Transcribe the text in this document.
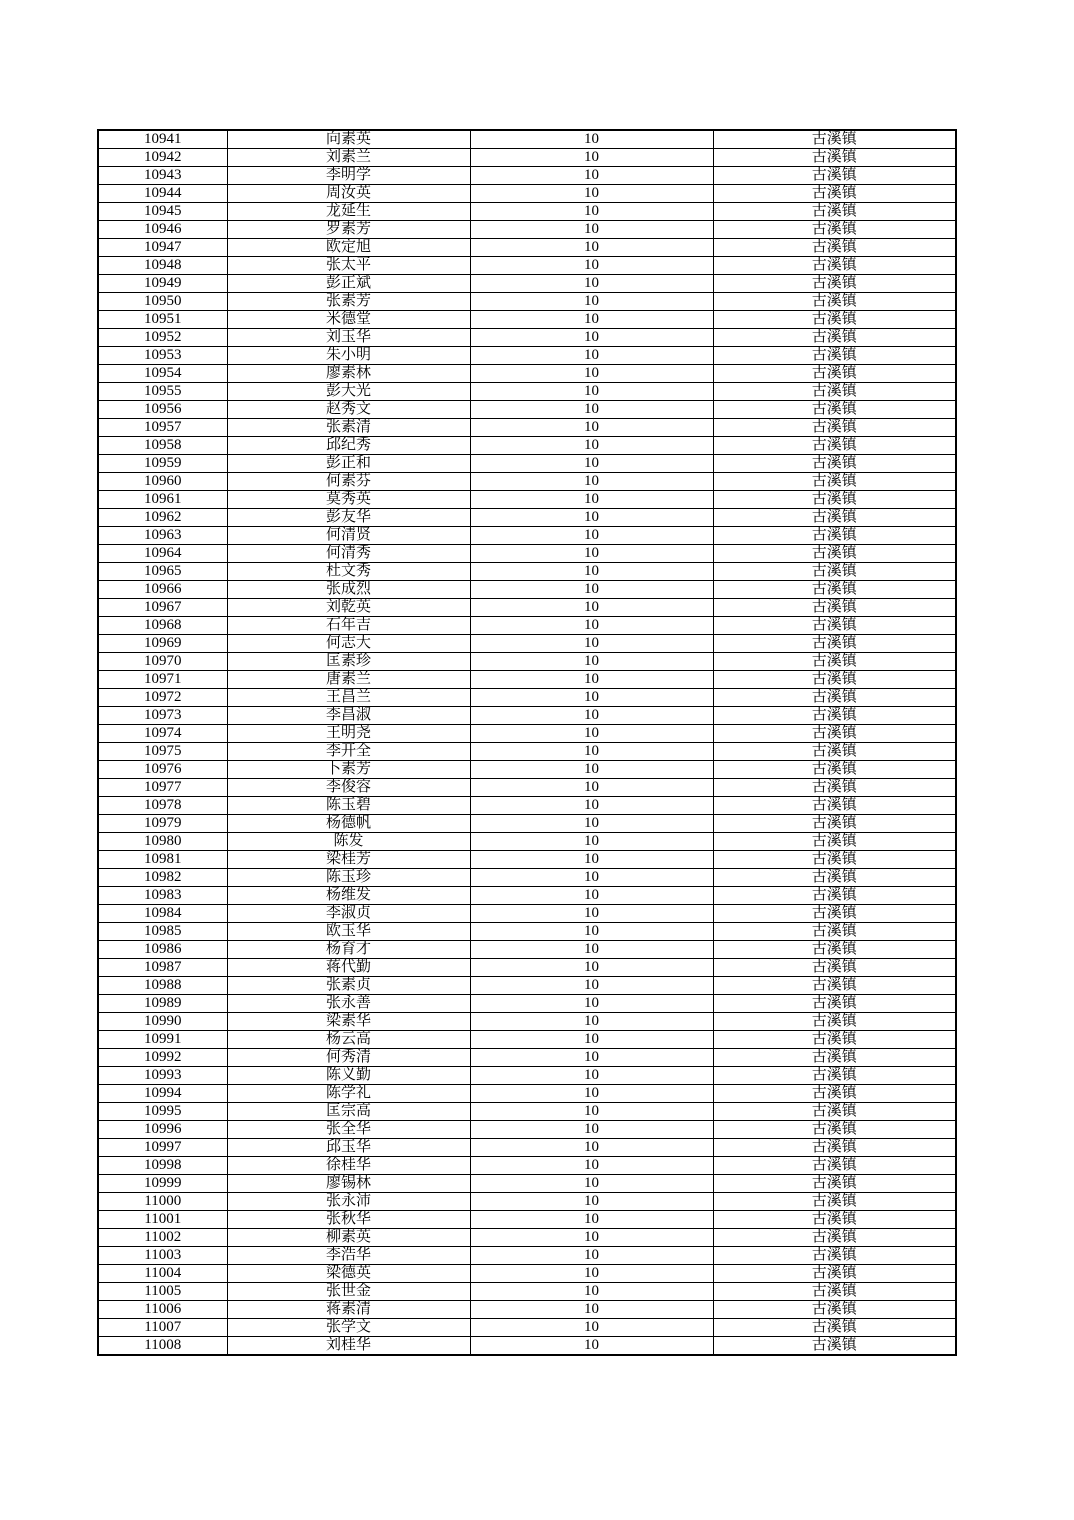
10941	向素英	10	古溪镇
10942	刘素兰	10	古溪镇
10943	李明学	10	古溪镇
10944	周汝英	10	古溪镇
10945	龙延生	10	古溪镇
10946	罗素芳	10	古溪镇
10947	欧定旭	10	古溪镇
10948	张太平	10	古溪镇
10949	彭正斌	10	古溪镇
10950	张素芳	10	古溪镇
10951	米德堂	10	古溪镇
10952	刘玉华	10	古溪镇
10953	朱小明	10	古溪镇
10954	廖素林	10	古溪镇
10955	彭大光	10	古溪镇
10956	赵秀文	10	古溪镇
10957	张素清	10	古溪镇
10958	邱纪秀	10	古溪镇
10959	彭正和	10	古溪镇
10960	何素芬	10	古溪镇
10961	莫秀英	10	古溪镇
10962	彭友华	10	古溪镇
10963	何清贤	10	古溪镇
10964	何清秀	10	古溪镇
10965	杜文秀	10	古溪镇
10966	张成烈	10	古溪镇
10967	刘乾英	10	古溪镇
10968	石年吉	10	古溪镇
10969	何志大	10	古溪镇
10970	匡素珍	10	古溪镇
10971	唐素兰	10	古溪镇
10972	王昌兰	10	古溪镇
10973	李昌淑	10	古溪镇
10974	王明尧	10	古溪镇
10975	李开全	10	古溪镇
10976	卜素芳	10	古溪镇
10977	李俊容	10	古溪镇
10978	陈玉碧	10	古溪镇
10979	杨德帆	10	古溪镇
10980	陈发	10	古溪镇
10981	梁桂芳	10	古溪镇
10982	陈玉珍	10	古溪镇
10983	杨维发	10	古溪镇
10984	李淑贞	10	古溪镇
10985	欧玉华	10	古溪镇
10986	杨育才	10	古溪镇
10987	蒋代勤	10	古溪镇
10988	张素贞	10	古溪镇
10989	张永善	10	古溪镇
10990	梁素华	10	古溪镇
10991	杨云高	10	古溪镇
10992	何秀清	10	古溪镇
10993	陈义勤	10	古溪镇
10994	陈学礼	10	古溪镇
10995	匡宗高	10	古溪镇
10996	张全华	10	古溪镇
10997	邱玉华	10	古溪镇
10998	徐桂华	10	古溪镇
10999	廖锡林	10	古溪镇
11000	张永沛	10	古溪镇
11001	张秋华	10	古溪镇
11002	柳素英	10	古溪镇
11003	李浩华	10	古溪镇
11004	梁德英	10	古溪镇
11005	张世金	10	古溪镇
11006	蒋素清	10	古溪镇
11007	张学文	10	古溪镇
11008	刘桂华	10	古溪镇
